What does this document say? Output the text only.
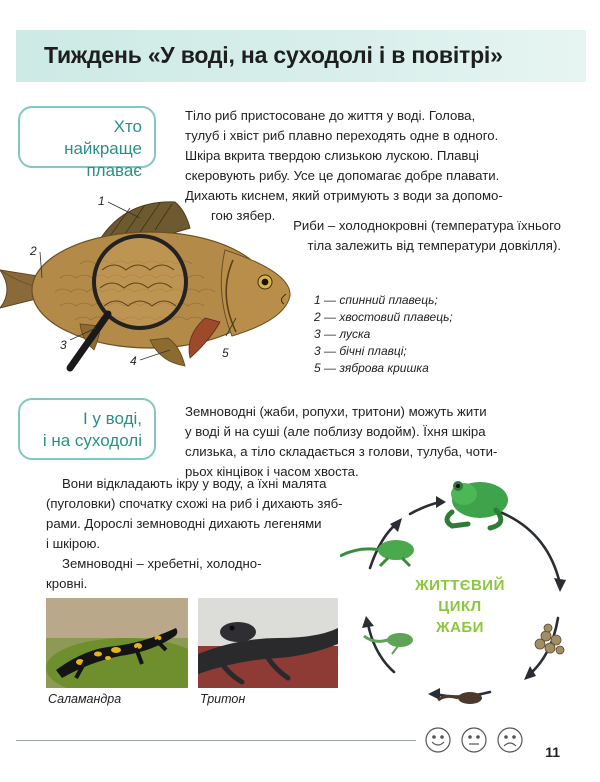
Тиждень «У воді, на суходолі і в повітрі»
Хто найкраще
плаває
Тіло риб пристосоване до життя у воді. Голова,
тулуб і хвіст риб плавно переходять одне в одного.
Шкіра вкрита твердою слизькою лускою. Плавці
скеровують рибу. Усе це допомагає добре плавати.
Дихають киснем, який отримують з води за допомо-
гою зябер.
Риби – холоднокровні (температура їхнього
тіла залежить від температури довкілля).
1
2
3
4
5
1 — спинний плавець;
2 — хвостовий плавець;
3 — луска
3 — бічні плавці;
5 — зяброва кришка
І у воді,
і на суходолі
Земноводні (жаби, ропухи, тритони) можуть жити
у воді й на суші (але поблизу водойм). Їхня шкіра
слизька, а тіло складається з голови, тулуба, чоти-
рьох кінцівок і часом хвоста.
Вони відкладають ікру у воду, а їхні малята
(пуголовки) спочатку схожі на риб і дихають зяб-
рами. Дорослі земноводні дихають легенями
і шкірою.
Земноводні – хребетні, холодно-
кровні.
Саламандра	Тритон
ЖИТТЄВИЙ
ЦИКЛ
ЖАБИ
11
